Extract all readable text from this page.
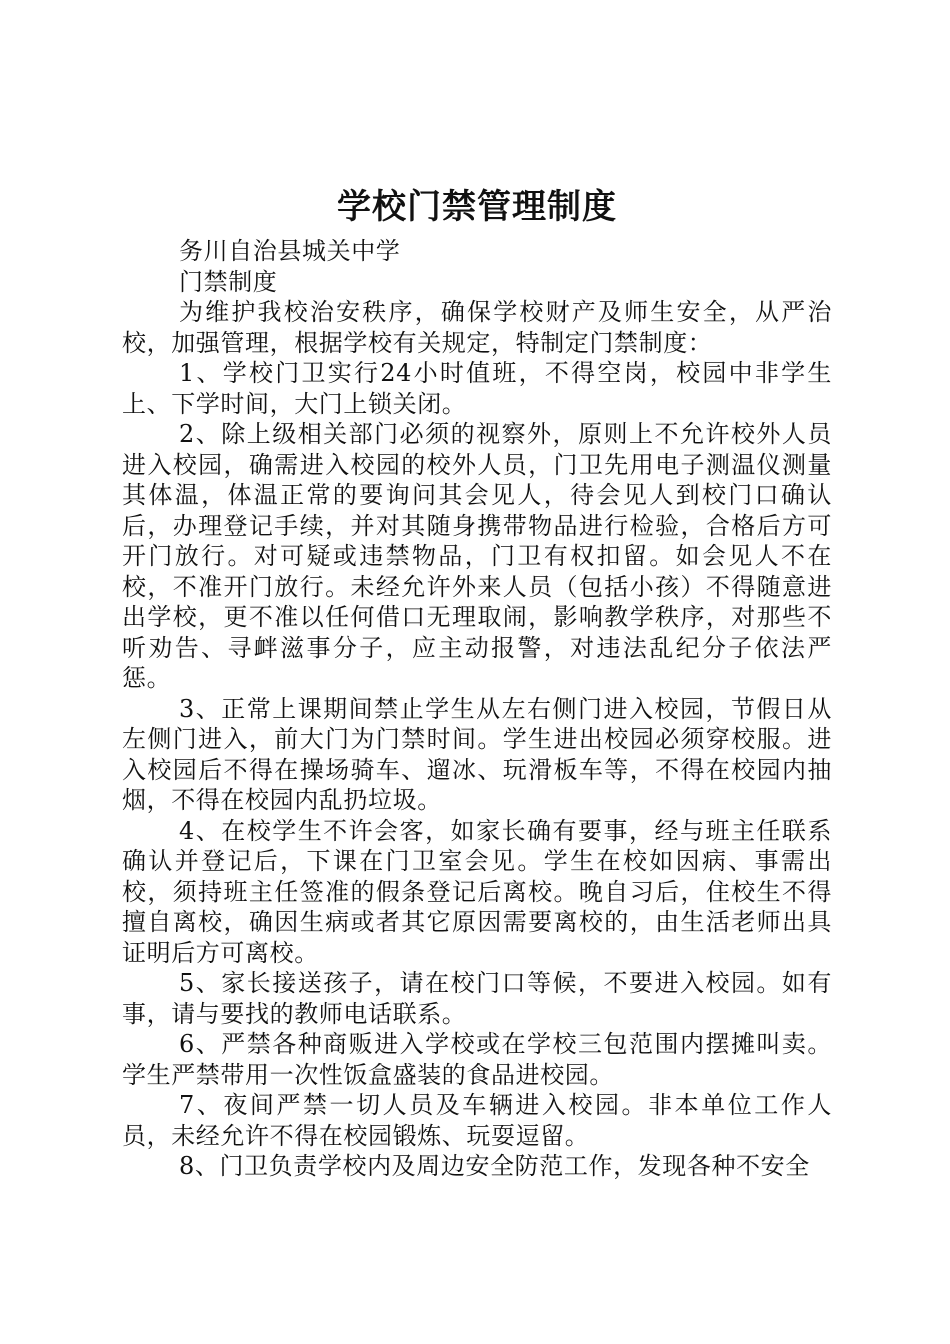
学校门禁管理制度

务川自治县城关中学

门禁制度

为维护我校治安秩序，确保学校财产及师生安全，从严治校，加强管理，根据学校有关规定，特制定门禁制度：

1、学校门卫实行24小时值班，不得空岗，校园中非学生上、下学时间，大门上锁关闭。

2、除上级相关部门必须的视察外，原则上不允许校外人员进入校园，确需进入校园的校外人员，门卫先用电子测温仪测量其体温，体温正常的要询问其会见人，待会见人到校门口确认后，办理登记手续，并对其随身携带物品进行检验，合格后方可开门放行。对可疑或违禁物品，门卫有权扣留。如会见人不在校，不准开门放行。未经允许外来人员（包括小孩）不得随意进出学校，更不准以任何借口无理取闹，影响教学秩序，对那些不听劝告、寻衅滋事分子，应主动报警，对违法乱纪分子依法严惩。

3、正常上课期间禁止学生从左右侧门进入校园，节假日从左侧门进入，前大门为门禁时间。学生进出校园必须穿校服。进入校园后不得在操场骑车、遛冰、玩滑板车等，不得在校园内抽烟，不得在校园内乱扔垃圾。

4、在校学生不许会客，如家长确有要事，经与班主任联系确认并登记后，下课在门卫室会见。学生在校如因病、事需出校，须持班主任签准的假条登记后离校。晚自习后，住校生不得擅自离校，确因生病或者其它原因需要离校的，由生活老师出具证明后方可离校。

5、家长接送孩子，请在校门口等候，不要进入校园。如有事，请与要找的教师电话联系。

6、严禁各种商贩进入学校或在学校三包范围内摆摊叫卖。学生严禁带用一次性饭盒盛装的食品进校园。

7、夜间严禁一切人员及车辆进入校园。非本单位工作人员，未经允许不得在校园锻炼、玩耍逗留。

8、门卫负责学校内及周边安全防范工作，发现各种不安全
